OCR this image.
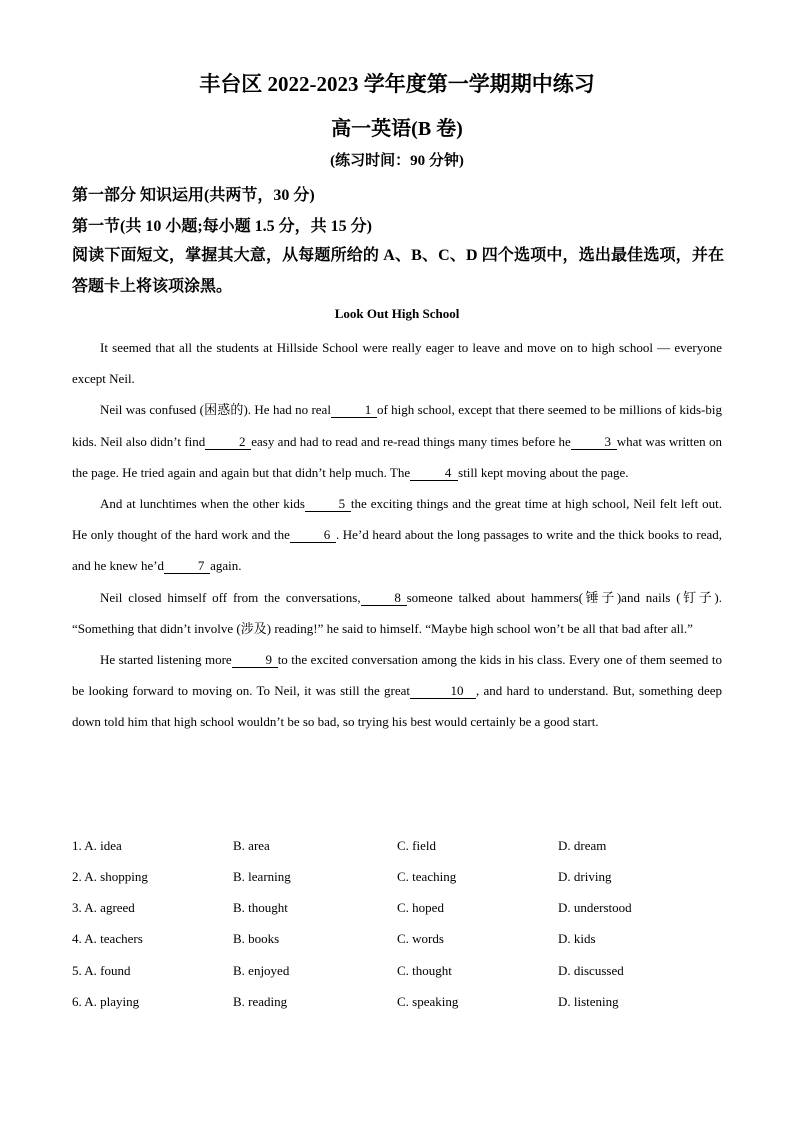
丰台区 2022-2023 学年度第一学期期中练习
高一英语(B 卷)
(练习时间：90 分钟)
第一部分 知识运用(共两节，30 分)
第一节(共 10 小题;每小题 1.5 分，共 15 分)
阅读下面短文，掌握其大意，从每题所给的 A、B、C、D 四个选项中，选出最佳选项，并在答题卡上将该项涂黑。
Look Out High School

It seemed that all the students at Hillside School were really eager to leave and move on to high school — everyone except Neil.

Neil was confused (困惑的). He had no real	1 of high school, except that there seemed to be millions of kids-big kids. Neil also didn’t find	2 easy and had to read and re-read things many times before he	3 what was written on the page. He tried again and again but that didn’t help much. The	4 still kept moving about the page.

And at lunchtimes when the other kids	5 the exciting things and the great time at high school, Neil felt left out. He only thought of the hard work and the	6 . He’d heard about the long passages to write and the thick books to read, and he knew he’d	7 again.

Neil closed himself off from the conversations,	8 someone talked about hammers(锤子)and nails (钉子). “Something that didn’t involve (涉及) reading!” he said to himself. “Maybe high school won’t be all that bad after all.”

He started listening more	9 to the excited conversation among the kids in his class. Every one of them seemed to be looking forward to moving on. To Neil, it was still the great	10 , and hard to understand. But, something deep down told him that high school wouldn’t be so bad, so trying his best would certainly be a good start.

1. A. idea	B. area	C. field	D. dream
2. A. shopping	B. learning	C. teaching	D. driving
3. A. agreed	B. thought	C. hoped	D. understood
4. A. teachers	B. books	C. words	D. kids
5. A. found	B. enjoyed	C. thought	D. discussed
6. A. playing	B. reading	C. speaking	D. listening
